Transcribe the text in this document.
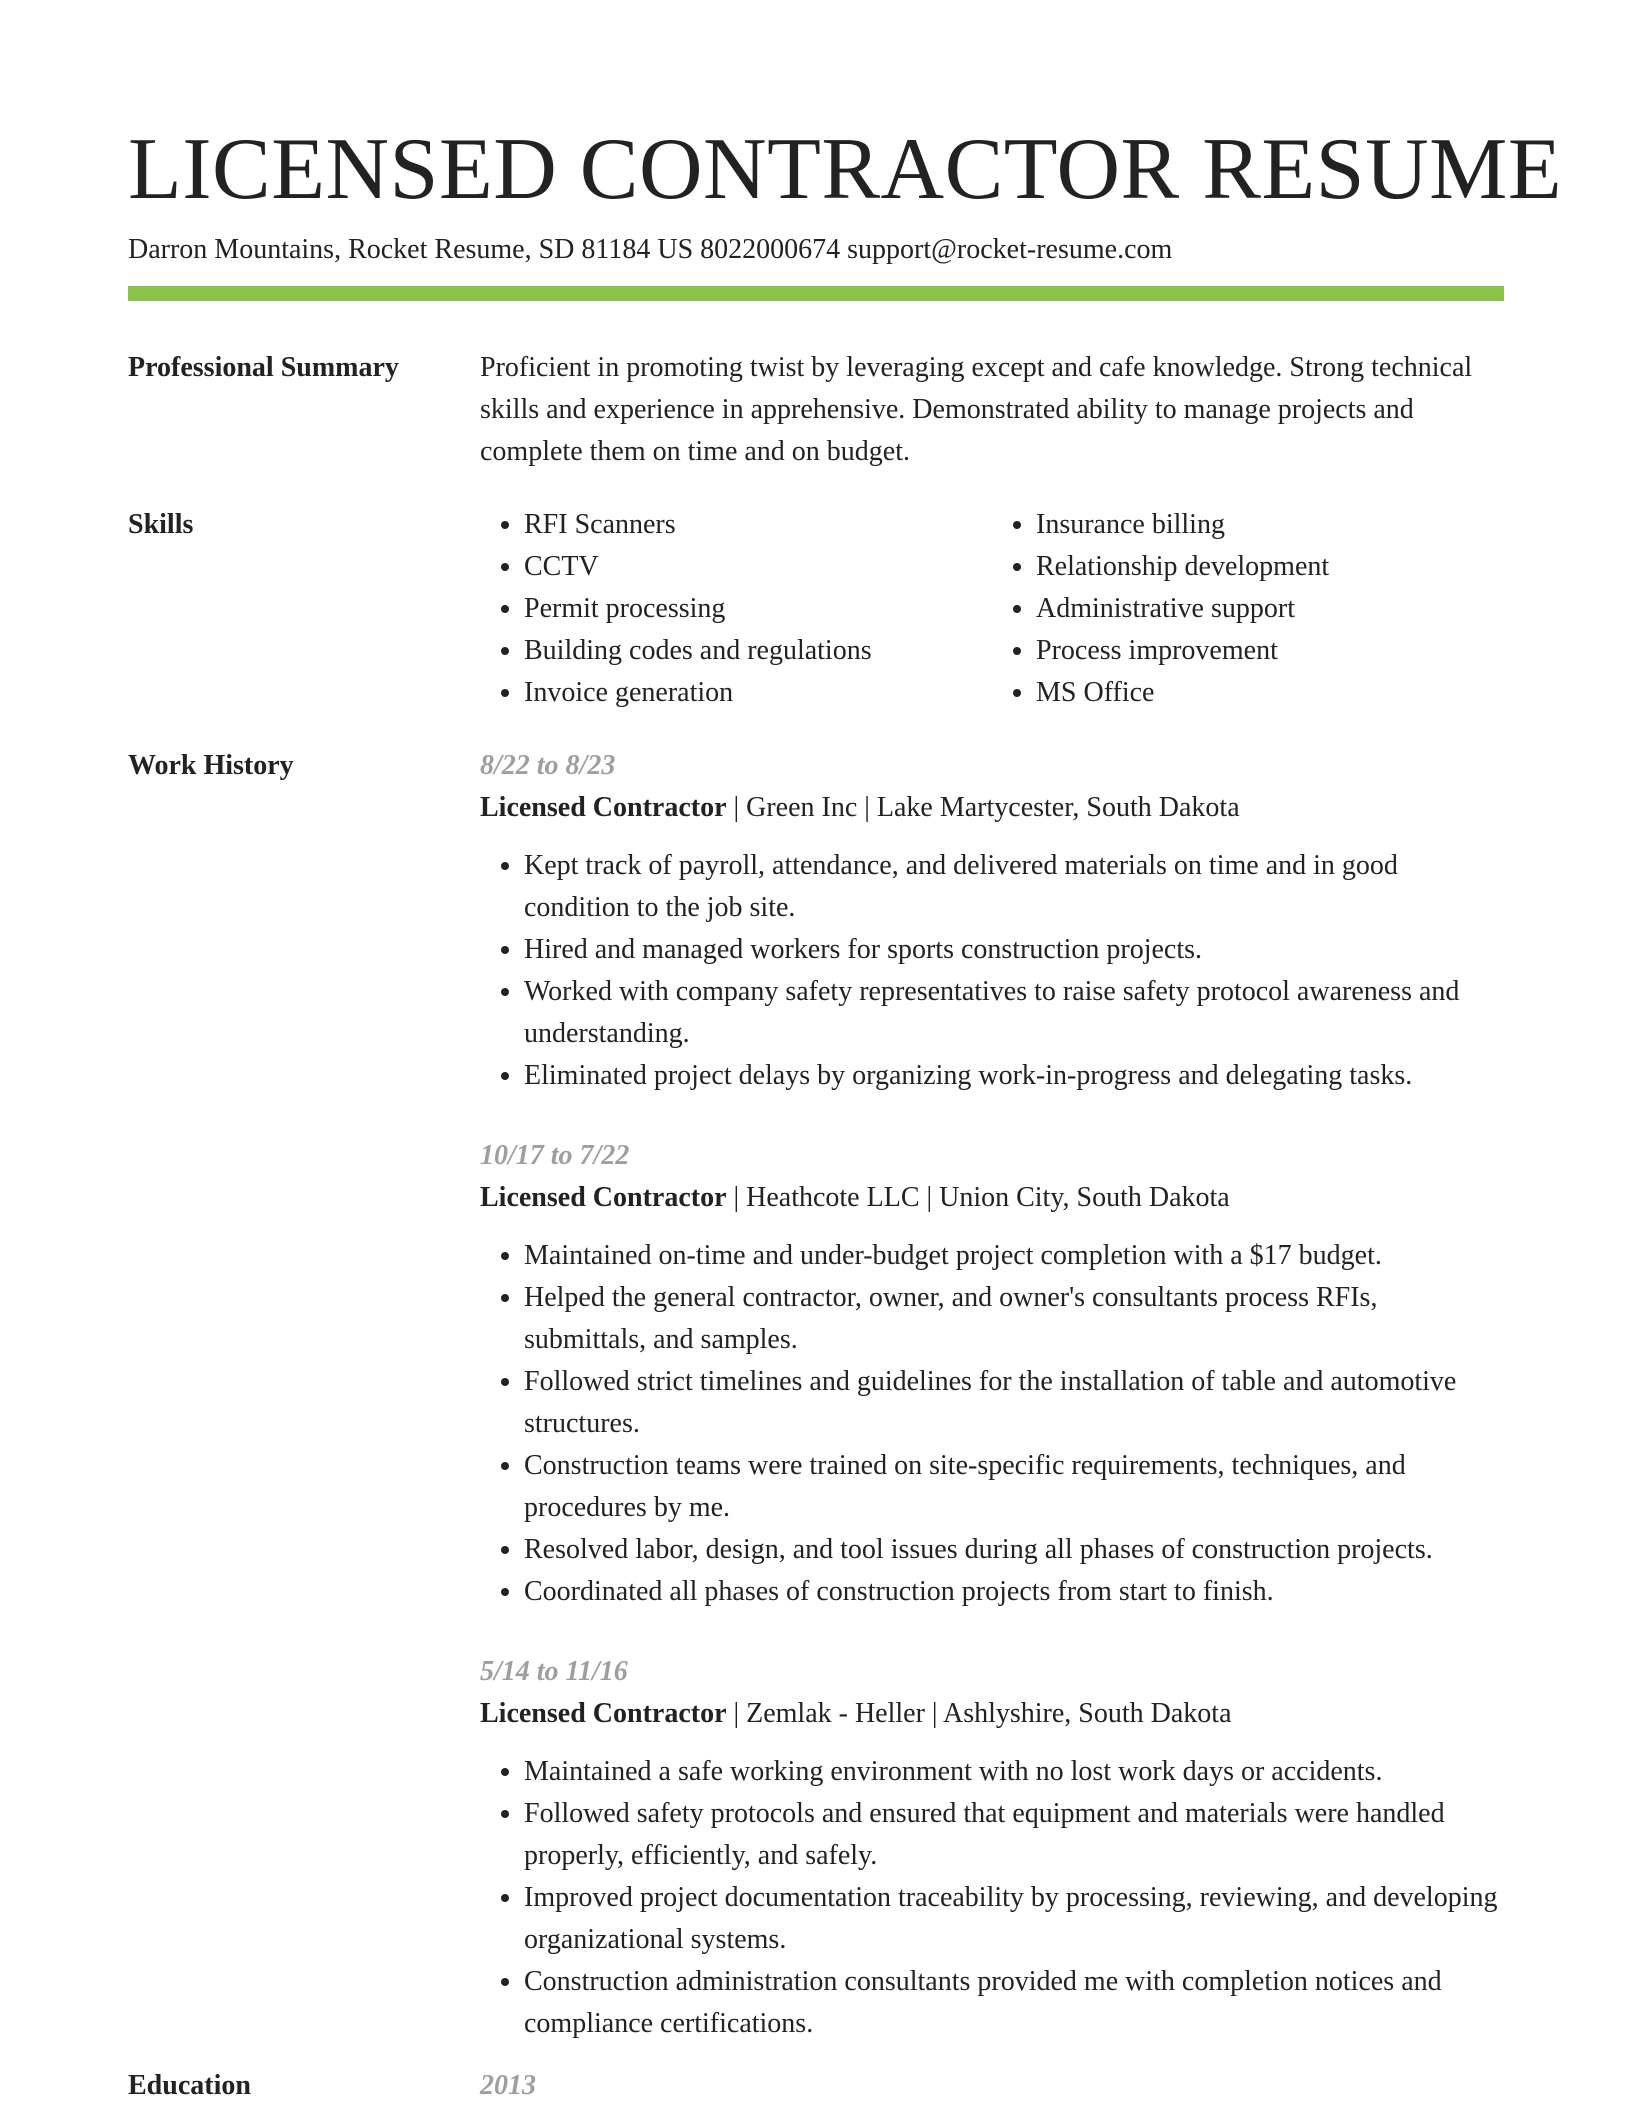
LICENSED CONTRACTOR RESUME
Darron Mountains, Rocket Resume, SD 81184 US 8022000674 support@rocket-resume.com
Professional Summary	Proficient in promoting twist by leveraging except and cafe knowledge. Strong technical skills and experience in apprehensive. Demonstrated ability to manage projects and complete them on time and on budget.

Skills
•	RFI Scanners
• CCTV
• Permit processing
• Building codes and regulations
• Invoice generation
• Insurance billing
• Relationship development
• Administrative support
• Process improvement
• MS Office
Work History	8/22 to 8/23
Licensed Contractor | Green Inc | Lake Martycester, South Dakota
• Kept track of payroll, attendance, and delivered materials on time and in good condition to the job site.
• Hired and managed workers for sports construction projects.
• Worked with company safety representatives to raise safety protocol awareness and understanding.
• Eliminated project delays by organizing work-in-progress and delegating tasks.
10/17 to 7/22
Licensed Contractor | Heathcote LLC | Union City, South Dakota
• Maintained on-time and under-budget project completion with a $17 budget.
• Helped the general contractor, owner, and owner's consultants process RFIs, submittals, and samples.
• Followed strict timelines and guidelines for the installation of table and automotive structures.
• Construction teams were trained on site-specific requirements, techniques, and procedures by me.
• Resolved labor, design, and tool issues during all phases of construction projects.
• Coordinated all phases of construction projects from start to finish.
5/14 to 11/16
Licensed Contractor | Zemlak - Heller | Ashlyshire, South Dakota
• Maintained a safe working environment with no lost work days or accidents.
• Followed safety protocols and ensured that equipment and materials were handled properly, efficiently, and safely.
• Improved project documentation traceability by processing, reviewing, and developing organizational systems.
• Construction administration consultants provided me with completion notices and compliance certifications.
Education	2013
